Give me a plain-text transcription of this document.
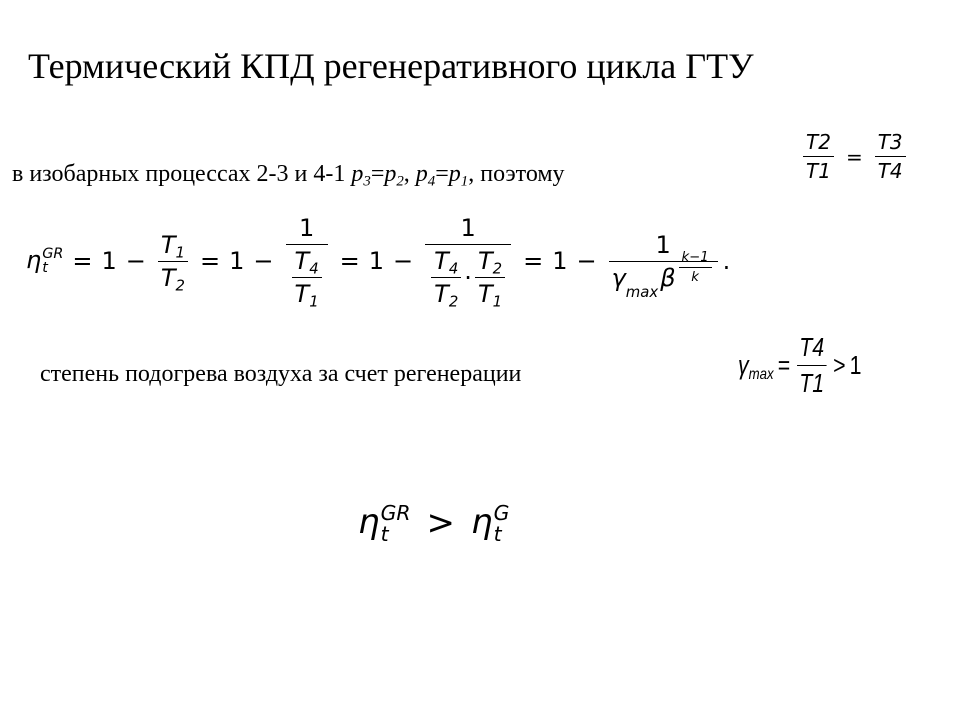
Термический КПД регенеративного цикла ГТУ
в изобарных процессах 2-3 и 4-1 $p_3=p_2$, $p_4=p_1$, поэтому	$\frac{T2}{T1} = \frac{T3}{T4}$
η GR
t	= $1 - \frac{T_1}{T_2} = 1 - \frac{1}{\frac{T_4}{T_1}} = 1$ −
1
$\frac{T_4}{T_2} \cdot \frac{T_2}{T_1} = 1 - \frac{1}{\gamma \max \beta \frac{k-1}{k}}$ .
степень подогрева воздуха за счет регенерации	$\gamma_{max} = \frac{T4}{T1} > 1$
η GR
t	> η G
t
